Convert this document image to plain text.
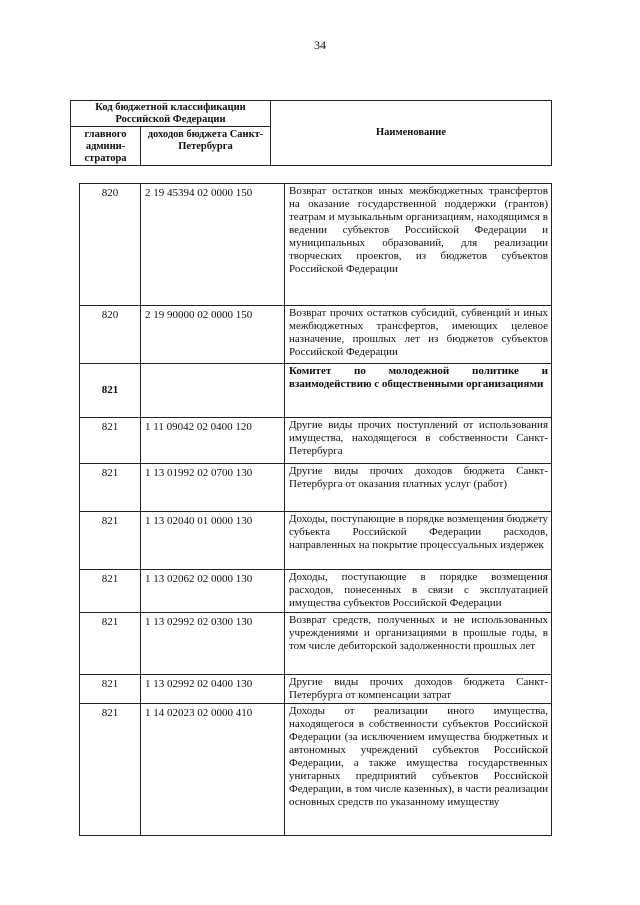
34
Код бюджетной классификации Российской Федерации		Наименование
главного админи-стратора	доходов бюджета Санкт-Петербурга	
820	2 19 45394 02 0000 150	Возврат остатков иных межбюджетных трансфертов на оказание государственной поддержки (грантов) театрам и музыкальным организациям, находящимся в ведении субъектов Российской Федерации и муниципальных образований, для реализации творческих проектов, из бюджетов субъектов Российской Федерации
820	2 19 90000 02 0000 150	Возврат прочих остатков субсидий, субвенций и иных межбюджетных трансфертов, имеющих целевое назначение, прошлых лет из бюджетов субъектов Российской Федерации
821		Комитет по молодежной политике и взаимодействию с общественными организациями
821	1 11 09042 02 0400 120	Другие виды прочих поступлений от использования имущества, находящегося в собственности Санкт-Петербурга
821	1 13 01992 02 0700 130	Другие виды прочих доходов бюджета Санкт-Петербурга от оказания платных услуг (работ)
821	1 13 02040 01 0000 130	Доходы, поступающие в порядке возмещения бюджету субъекта Российской Федерации расходов, направленных на покрытие процессуальных издержек
821	1 13 02062 02 0000 130	Доходы, поступающие в порядке возмещения расходов, понесенных в связи с эксплуатацией имущества субъектов Российской Федерации
821	1 13 02992 02 0300 130	Возврат средств, полученных и не использованных учреждениями и организациями в прошлые годы, в том числе дебиторской задолженности прошлых лет
821	1 13 02992 02 0400 130	Другие виды прочих доходов бюджета Санкт-Петербурга от компенсации затрат
821	1 14 02023 02 0000 410	Доходы от реализации иного имущества, находящегося в собственности субъектов Российской Федерации (за исключением имущества бюджетных и автономных учреждений субъектов Российской Федерации, а также имущества государственных унитарных предприятий субъектов Российской Федерации, в том числе казенных), в части реализации основных средств по указанному имуществу
